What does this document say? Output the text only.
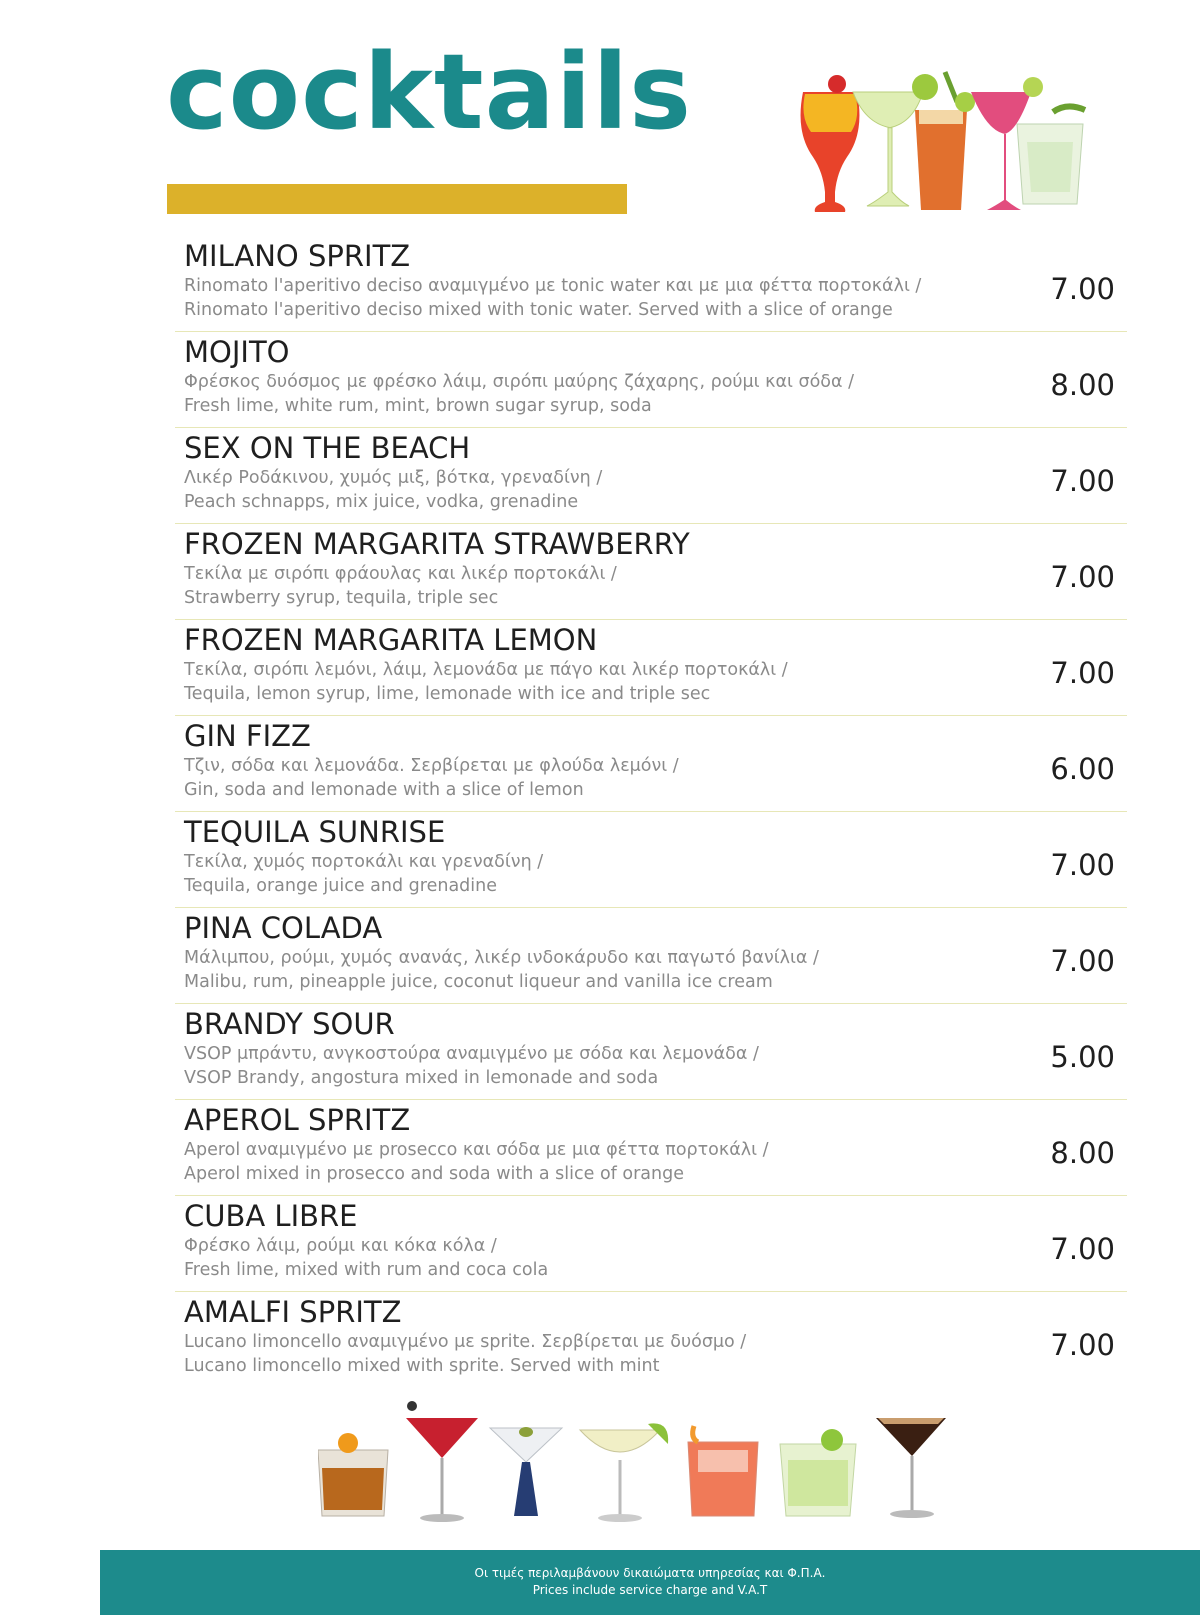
cocktails
MILANO SPRITZ
Rinomato l'aperitivo deciso αναμιγμένο με tonic water και με μια φέττα πορτοκάλι /
Rinomato l'aperitivo deciso mixed with tonic water. Served with a slice of orange
7.00
MOJITO
Φρέσκος δυόσμος με φρέσκο λάιμ, σιρόπι μαύρης ζάχαρης, ρούμι και σόδα /
Fresh lime, white rum, mint, brown sugar syrup, soda
8.00
SEX ON THE BEACH
Λικέρ Ροδάκινου, χυμός μιξ, βότκα, γρεναδίνη /
Peach schnapps, mix juice, vodka, grenadine
7.00
FROZEN MARGARITA STRAWBERRY
Τεκίλα με σιρόπι φράουλας και λικέρ πορτοκάλι /
Strawberry syrup, tequila, triple sec
7.00
FROZEN MARGARITA LEMON
Τεκίλα, σιρόπι λεμόνι, λάιμ, λεμονάδα με πάγο και λικέρ πορτοκάλι /
Tequila, lemon syrup, lime, lemonade with ice and triple sec
7.00
GIN FIZZ
Τζιν, σόδα και λεμονάδα. Σερβίρεται με φλούδα λεμόνι /
Gin, soda and lemonade with a slice of lemon
6.00
TEQUILA SUNRISE
Τεκίλα, χυμός πορτοκάλι και γρεναδίνη /
Tequila, orange juice and grenadine
7.00
PINA COLADA
Μάλιμπου, ρούμι, χυμός ανανάς, λικέρ ινδοκάρυδο και παγωτό βανίλια /
Malibu, rum, pineapple juice, coconut liqueur and vanilla ice cream
7.00
BRANDY SOUR
VSOP μπράντυ, ανγκοστούρα αναμιγμένο με σόδα και λεμονάδα /
VSOP Brandy, angostura mixed in lemonade and soda
5.00
APEROL SPRITZ
Aperol αναμιγμένο με prosecco και σόδα με μια φέττα πορτοκάλι /
Aperol mixed in prosecco and soda with a slice of orange
8.00
CUBA LIBRE
Φρέσκο λάιμ, ρούμι και κόκα κόλα /
Fresh lime, mixed with rum and coca cola
7.00
AMALFI SPRITZ
Lucano limoncello αναμιγμένο με sprite. Σερβίρεται με δυόσμο /
Lucano limoncello mixed with sprite. Served with mint
7.00
Οι τιμές περιλαμβάνουν δικαιώματα υπηρεσίας και Φ.Π.Α.
Prices include service charge and V.A.T
